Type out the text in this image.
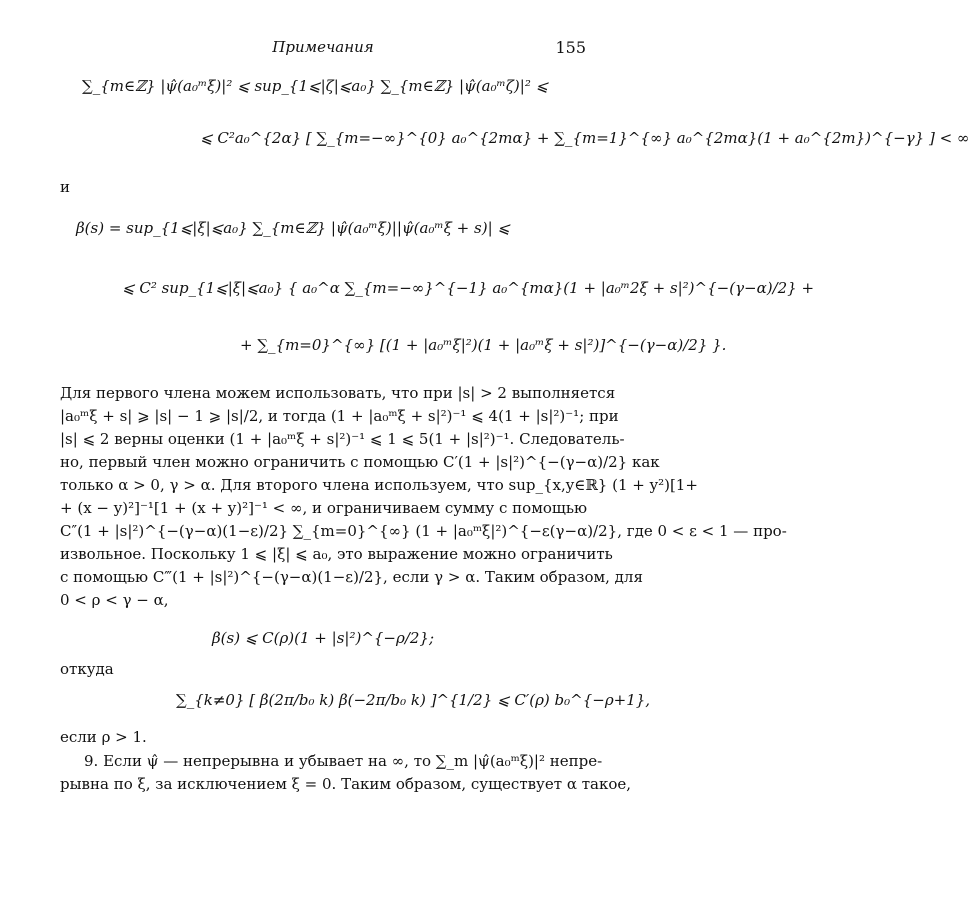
Примечания	155
∑_{m∈ℤ} |ψ̂(a₀ᵐξ)|² ⩽ sup_{1⩽|ζ|⩽a₀} ∑_{m∈ℤ} |ψ̂(a₀ᵐζ)|² ⩽
⩽ C²a₀^{2α} [ ∑_{m=−∞}^{0} a₀^{2mα} + ∑_{m=1}^{∞} a₀^{2mα}(1 + a₀^{2m})^{−γ} ] < ∞
и
β(s) = sup_{1⩽|ξ|⩽a₀} ∑_{m∈ℤ} |ψ̂(a₀ᵐξ)||ψ̂(a₀ᵐξ + s)| ⩽
⩽ C² sup_{1⩽|ξ|⩽a₀} { a₀^α ∑_{m=−∞}^{−1} a₀^{mα}(1 + |a₀ᵐ2ξ + s|²)^{−(γ−α)/2} +
+ ∑_{m=0}^{∞} [(1 + |a₀ᵐξ|²)(1 + |a₀ᵐξ + s|²)]^{−(γ−α)/2} }.
Для первого члена можем использовать, что при |s| > 2 выполняется
|a₀ᵐξ + s| ⩾ |s| − 1 ⩾ |s|/2, и тогда (1 + |a₀ᵐξ + s|²)⁻¹ ⩽ 4(1 + |s|²)⁻¹; при
|s| ⩽ 2 верны оценки (1 + |a₀ᵐξ + s|²)⁻¹ ⩽ 1 ⩽ 5(1 + |s|²)⁻¹. Следователь-
но, первый член можно ограничить с помощью C′(1 + |s|²)^{−(γ−α)/2} как
только α > 0, γ > α. Для второго члена используем, что sup_{x,y∈ℝ} (1 + y²)[1+
+ (x − y)²]⁻¹[1 + (x + y)²]⁻¹ < ∞, и ограничиваем сумму с помощью
C″(1 + |s|²)^{−(γ−α)(1−ε)/2} ∑_{m=0}^{∞} (1 + |a₀ᵐξ|²)^{−ε(γ−α)/2}, где 0 < ε < 1 — про-
извольное. Поскольку 1 ⩽ |ξ| ⩽ a₀, это выражение можно ограничить
с помощью C‴(1 + |s|²)^{−(γ−α)(1−ε)/2}, если γ > α. Таким образом, для
0 < ρ < γ − α,
β(s) ⩽ C(ρ)(1 + |s|²)^{−ρ/2};
откуда
∑_{k≠0} [ β(2π/b₀ k) β(−2π/b₀ k) ]^{1/2} ⩽ C′(ρ) b₀^{−ρ+1},
если ρ > 1.
9. Если ψ̂ — непрерывна и убывает на ∞, то ∑_m |ψ̂(a₀ᵐξ)|² непре-
рывна по ξ, за исключением ξ = 0. Таким образом, существует α такое,
